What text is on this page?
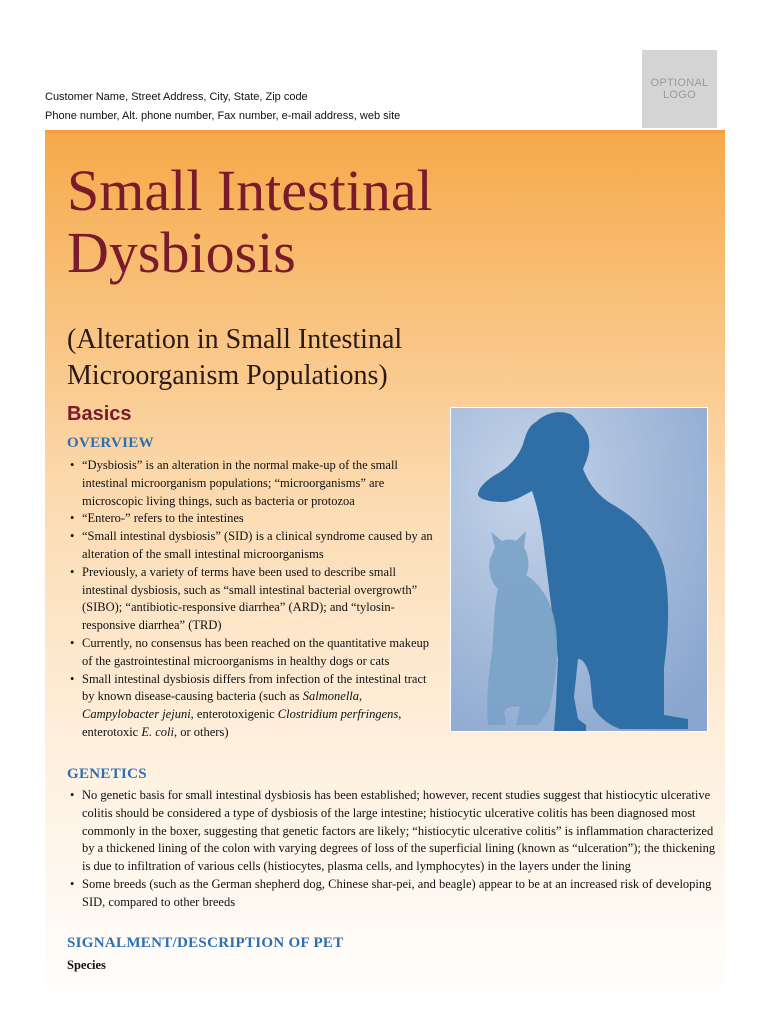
Customer Name, Street Address, City, State, Zip code
Phone number, Alt. phone number, Fax number, e-mail address, web site
OPTIONAL
LOGO
Small Intestinal
Dysbiosis
(Alteration in Small Intestinal
Microorganism Populations)
Basics
OVERVIEW
• “Dysbiosis” is an alteration in the normal make-up of the small intestinal microorganism populations; “microorganisms” are microscopic living things, such as bacteria or protozoa
• “Entero-” refers to the intestines
• “Small intestinal dysbiosis” (SID) is a clinical syndrome caused by an alteration of the small intestinal microorganisms
• Previously, a variety of terms have been used to describe small intestinal dysbiosis, such as “small intestinal bacterial overgrowth” (SIBO); “antibiotic-responsive diarrhea” (ARD); and “tylosin-responsive diarrhea” (TRD)
• Currently, no consensus has been reached on the quantitative makeup of the gastrointestinal microorganisms in healthy dogs or cats
• Small intestinal dysbiosis differs from infection of the intestinal tract by known disease-causing bacteria (such as Salmonella, Campylobacter jejuni, enterotoxigenic Clostridium perfringens, enterotoxic E. coli, or others)
GENETICS
• No genetic basis for small intestinal dysbiosis has been established; however, recent studies suggest that histiocytic ulcerative colitis should be considered a type of dysbiosis of the large intestine; histiocytic ulcerative colitis has been diagnosed most commonly in the boxer, suggesting that genetic factors are likely; “histiocytic ulcerative colitis” is inflammation characterized by a thickened lining of the colon with varying degrees of loss of the superficial lining (known as “ulceration”); the thickening is due to infiltration of various cells (histiocytes, plasma cells, and lymphocytes) in the layers under the lining
• Some breeds (such as the German shepherd dog, Chinese shar-pei, and beagle) appear to be at an increased risk of developing SID, compared to other breeds
SIGNALMENT/DESCRIPTION OF PET

Species
